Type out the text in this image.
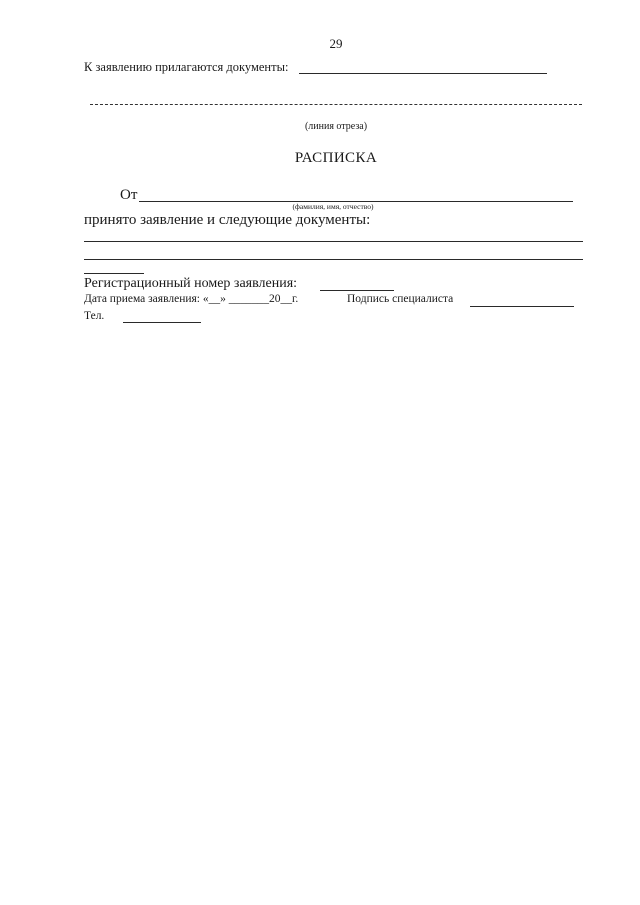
29
К заявлению прилагаются документы:
(линия отреза)
РАСПИСКА
От
(фамилия, имя, отчество)
принято заявление и следующие документы:
Регистрационный номер заявления:
Дата приема заявления: «__» _______20__г.	Подпись специалиста
Тел.
